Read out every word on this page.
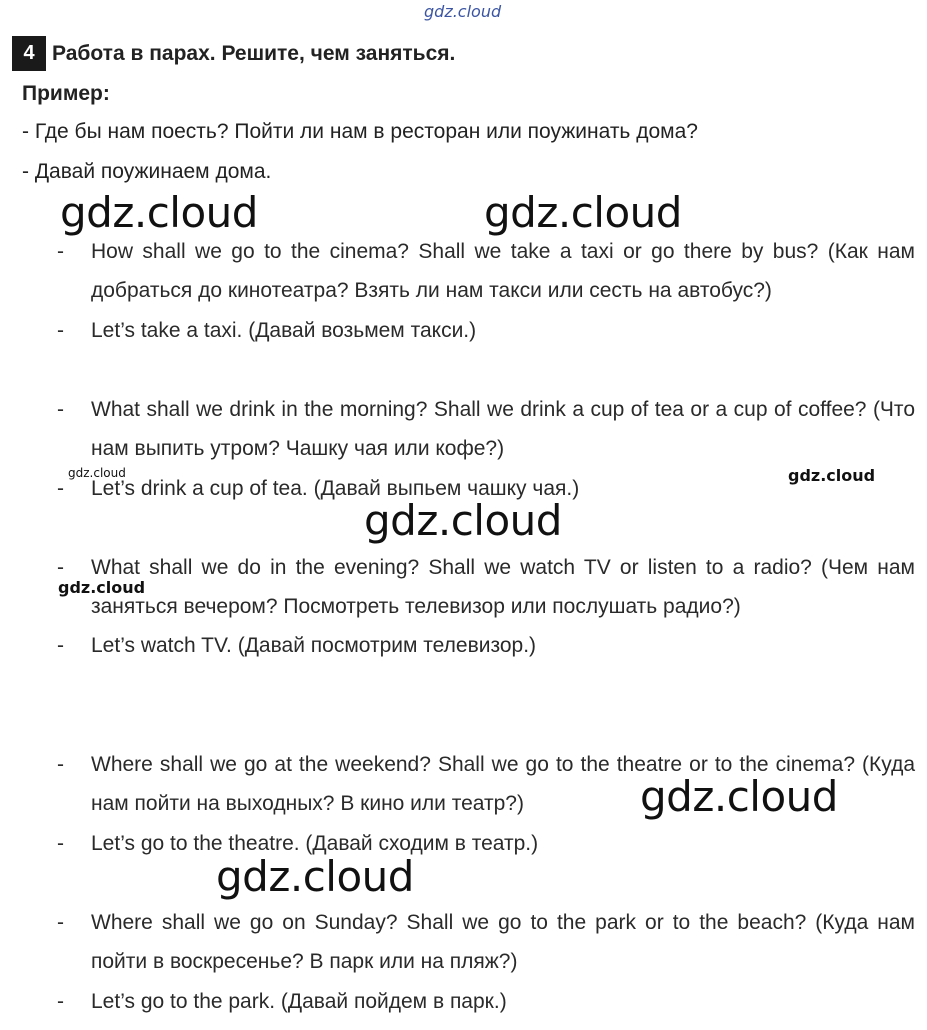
gdz.cloud
4 Работа в парах. Решите, чем заняться.
Пример:
- Где бы нам поесть? Пойти ли нам в ресторан или поужинать дома?
- Давай поужинаем дома.
-	How shall we go to the cinema? Shall we take a taxi or go there by bus? (Как нам добраться до кинотеатра? Взять ли нам такси или сесть на автобус?)
-	Let’s take a taxi. (Давай возьмем такси.)
-	What shall we drink in the morning? Shall we drink a cup of tea or a cup of coffee? (Что нам выпить утром? Чашку чая или кофе?)
-	Let’s drink a cup of tea. (Давай выпьем чашку чая.)
-	What shall we do in the evening? Shall we watch TV or listen to a radio? (Чем нам заняться вечером? Посмотреть телевизор или послушать радио?)
-	Let’s watch TV. (Давай посмотрим телевизор.)
-	Where shall we go at the weekend? Shall we go to the theatre or to the cinema? (Куда нам пойти на выходных? В кино или театр?)
-	Let’s go to the theatre. (Давай сходим в театр.)
-	Where shall we go on Sunday? Shall we go to the park or to the beach? (Куда нам пойти в воскресенье? В парк или на пляж?)
-	Let’s go to the park. (Давай пойдем в парк.)
gdz.cloud	gdz.cloud
gdz.cloud
gdz.cloud
gdz.cloud
gdz.cloud	gdz.cloud
gdz.cloud
